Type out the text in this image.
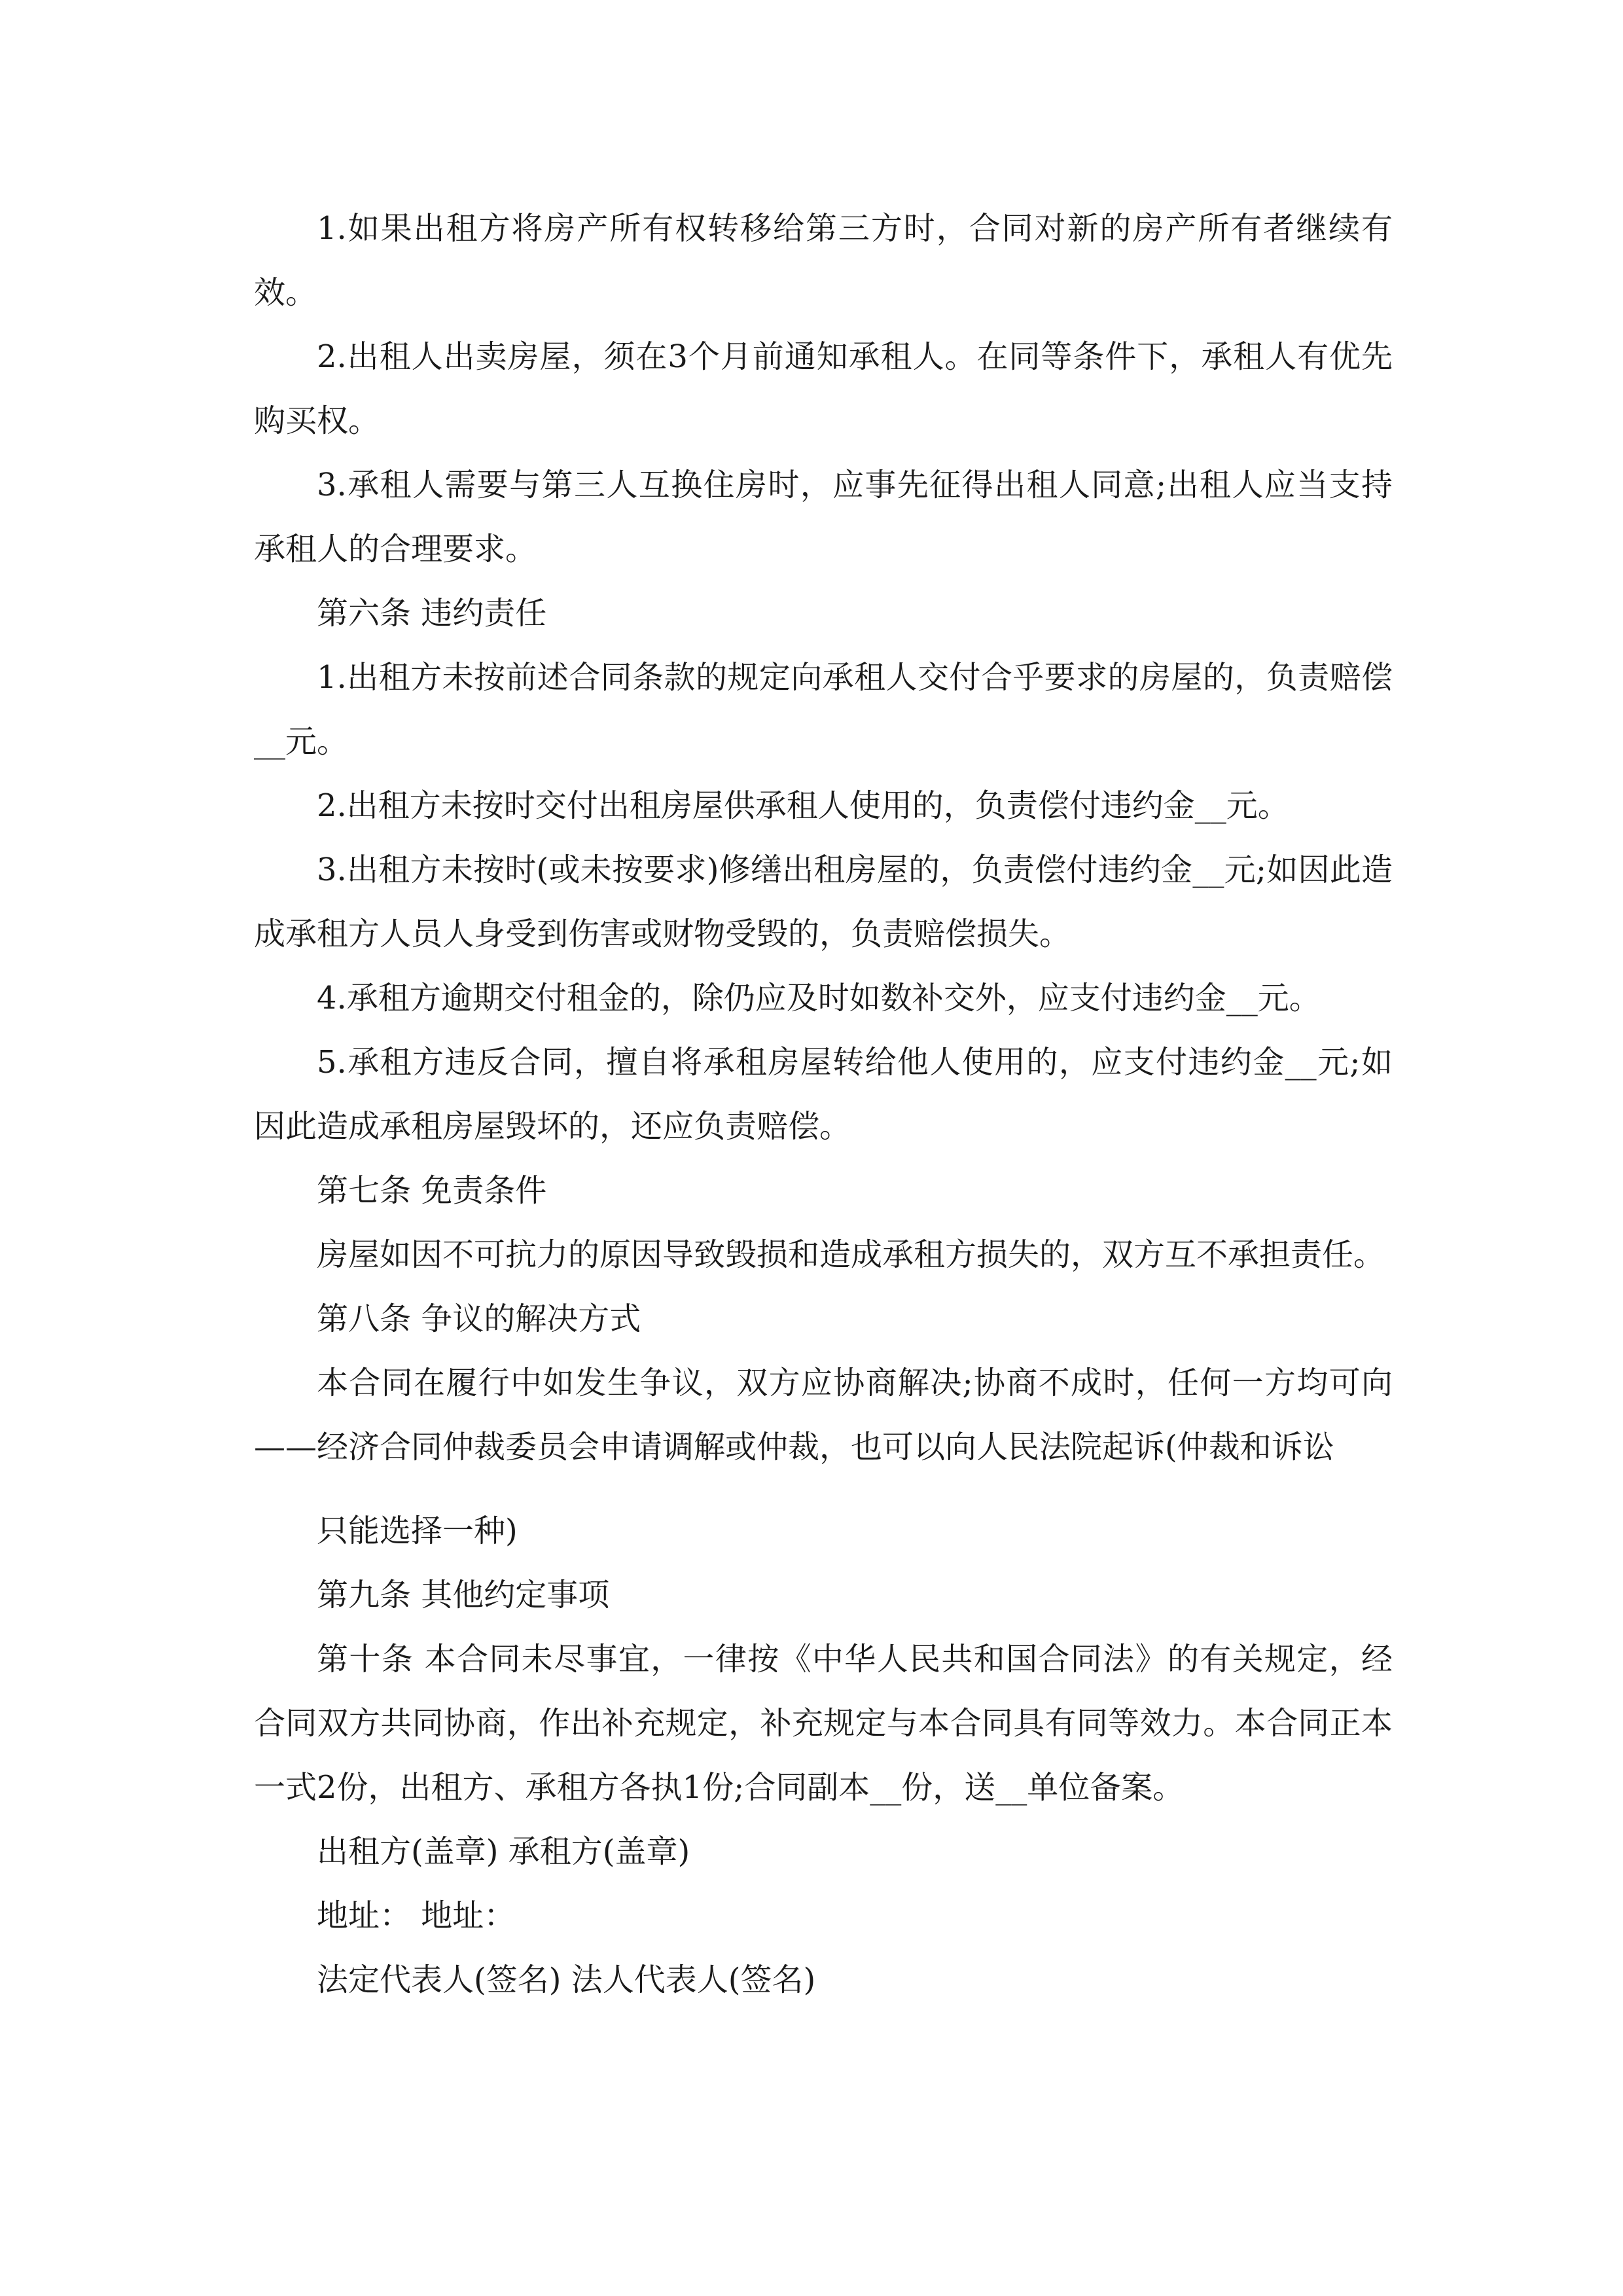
1.如果出租方将房产所有权转移给第三方时，合同对新的房产所有者继续有效。

2.出租人出卖房屋，须在3个月前通知承租人。在同等条件下，承租人有优先购买权。

3.承租人需要与第三人互换住房时，应事先征得出租人同意;出租人应当支持承租人的合理要求。

第六条 违约责任

1.出租方未按前述合同条款的规定向承租人交付合乎要求的房屋的，负责赔偿__元。

2.出租方未按时交付出租房屋供承租人使用的，负责偿付违约金__元。

3.出租方未按时(或未按要求)修缮出租房屋的，负责偿付违约金__元;如因此造成承租方人员人身受到伤害或财物受毁的，负责赔偿损失。

4.承租方逾期交付租金的，除仍应及时如数补交外，应支付违约金__元。

5.承租方违反合同，擅自将承租房屋转给他人使用的，应支付违约金__元;如因此造成承租房屋毁坏的，还应负责赔偿。

第七条 免责条件

房屋如因不可抗力的原因导致毁损和造成承租方损失的，双方互不承担责任。

第八条 争议的解决方式

本合同在履行中如发生争议，双方应协商解决;协商不成时，任何一方均可向——经济合同仲裁委员会申请调解或仲裁，也可以向人民法院起诉(仲裁和诉讼

只能选择一种)

第九条 其他约定事项

第十条 本合同未尽事宜，一律按《中华人民共和国合同法》的有关规定，经合同双方共同协商，作出补充规定，补充规定与本合同具有同等效力。本合同正本一式2份，出租方、承租方各执1份;合同副本__份，送__单位备案。

出租方(盖章) 承租方(盖章)

地址： 地址：

法定代表人(签名) 法人代表人(签名)
